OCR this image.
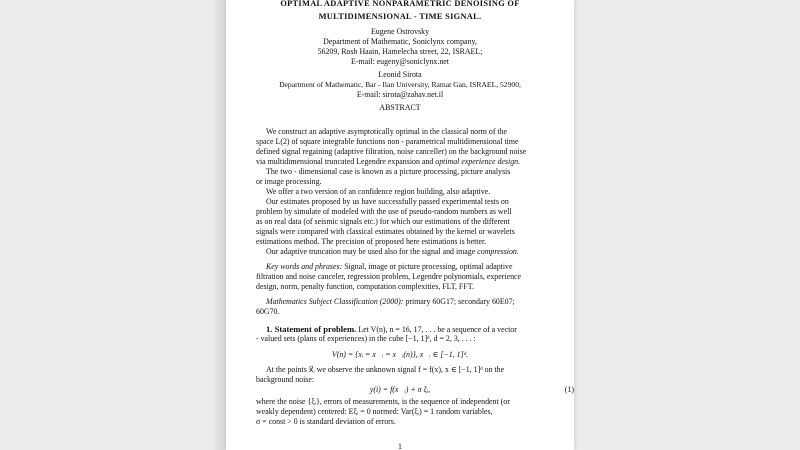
OPTIMAL ADAPTIVE NONPARAMETRIC DENOISING OF
MULTIDIMENSIONAL - TIME SIGNAL.
Eugene Ostrovsky
Department of Mathematic, Soniclynx company,
56209, Rosh Haain, Hamelecha street, 22, ISRAEL;
E-mail: eugeny@soniclynx.net
Leonid Sirota
Department of Mathematic, Bar - Ilan University, Ramat Gan, ISRAEL, 52900,
E-mail: sirota@zahav.net.il
ABSTRACT
We construct an adaptive asymptotically optimal in the classical norm of the
space L(2) of square integrable functions non - parametrical multidimensional time
defined signal regaining (adaptive filtration, noise canceller) on the background noise
via multidimensional truncated Legendre expansion and optimal experience design.
The two - dimensional case is known as a picture processing, picture analysis
or image processing.
We offer a two version of an confidence region building, also adaptive.
Our estimates proposed by us have successfully passed experimental tests on
problem by simulate of modeled with the use of pseudo-random numbers as well
as on real data (of seismic signals etc.) for which our estimations of the different
signals were compared with classical estimates obtained by the kernel or wavelets
estimations method. The precision of proposed here estimations is better.
Our adaptive truncation may be used also for the signal and image compression.
Key words and phrases: Signal, image or picture processing, optimal adaptive
filtration and noise canceler, regression problem, Legendre polynomials, experience
design, norm, penalty function, computation complexities, FLT, FFT.
Mathematics Subject Classification (2000): primary 60G17; secondary 60E07;
60G70.
1. Statement of problem. Let V(n), n = 16, 17, . . . be a sequence of a vector
- valued sets (plans of experiences) in the cube [−1, 1]ᵈ, d = 2, 3, . . . :
V(n) = {xᵢ = x⃗ᵢ = x⃗ᵢ(n)}, x⃗ᵢ ∈ [−1, 1]ᵈ.
At the points x⃗ᵢ we observe the unknown signal f = f(x), x ∈ [−1, 1]ᵈ on the
background noise:
y(i) = f(x⃗ᵢ) + σ ξᵢ,	(1)
where the noise {ξᵢ}, errors of measurements, is the sequence of independent (or
weakly dependent) centered: Eξᵢ = 0 normed: Var(ξᵢ) = 1 random variables,
σ = const > 0 is standard deviation of errors.
1
